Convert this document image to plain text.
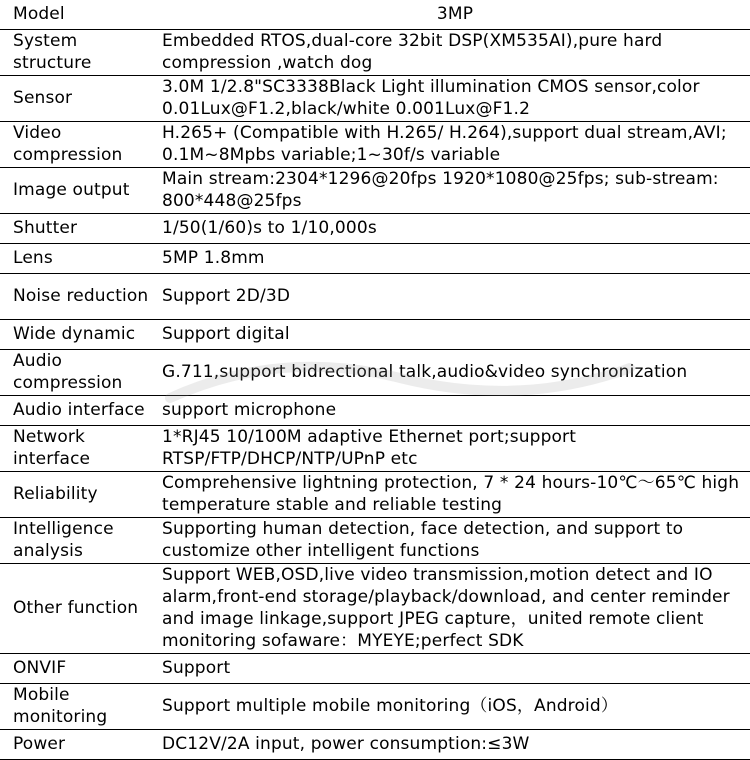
Model	3MP
System structure	Embedded RTOS,dual-core 32bit DSP(XM535AI),pure hard compression ,watch dog
Sensor	3.0M 1/2.8"SC3338Black Light illumination CMOS sensor,color 0.01Lux@F1.2,black/white 0.001Lux@F1.2
Video compression	H.265+ (Compatible with H.265/ H.264),support dual stream,AVI; 0.1M~8Mpbs variable;1~30f/s variable
Image output	Main stream:2304*1296@20fps 1920*1080@25fps; sub-stream: 800*448@25fps
Shutter	1/50(1/60)s to 1/10,000s
Lens	5MP 1.8mm
Noise reduction	Support 2D/3D
Wide dynamic	Support digital
Audio compression	G.711,support bidrectional talk,audio&video synchronization
Audio interface	support microphone
Network interface	1*RJ45 10/100M adaptive Ethernet port;support RTSP/FTP/DHCP/NTP/UPnP etc
Reliability	Comprehensive lightning protection, 7 * 24 hours-10℃～65℃ high temperature stable and reliable testing
Intelligence analysis	Supporting human detection, face detection, and support to customize other intelligent functions
Other function	Support WEB,OSD,live video transmission,motion detect and IO alarm,front-end storage/playback/download, and center reminder and image linkage,support JPEG capture，united remote client monitoring sofaware：MYEYE;perfect SDK
ONVIF	Support
Mobile monitoring	Support multiple mobile monitoring（iOS，Android）
Power	DC12V/2A input, power consumption:≤3W
